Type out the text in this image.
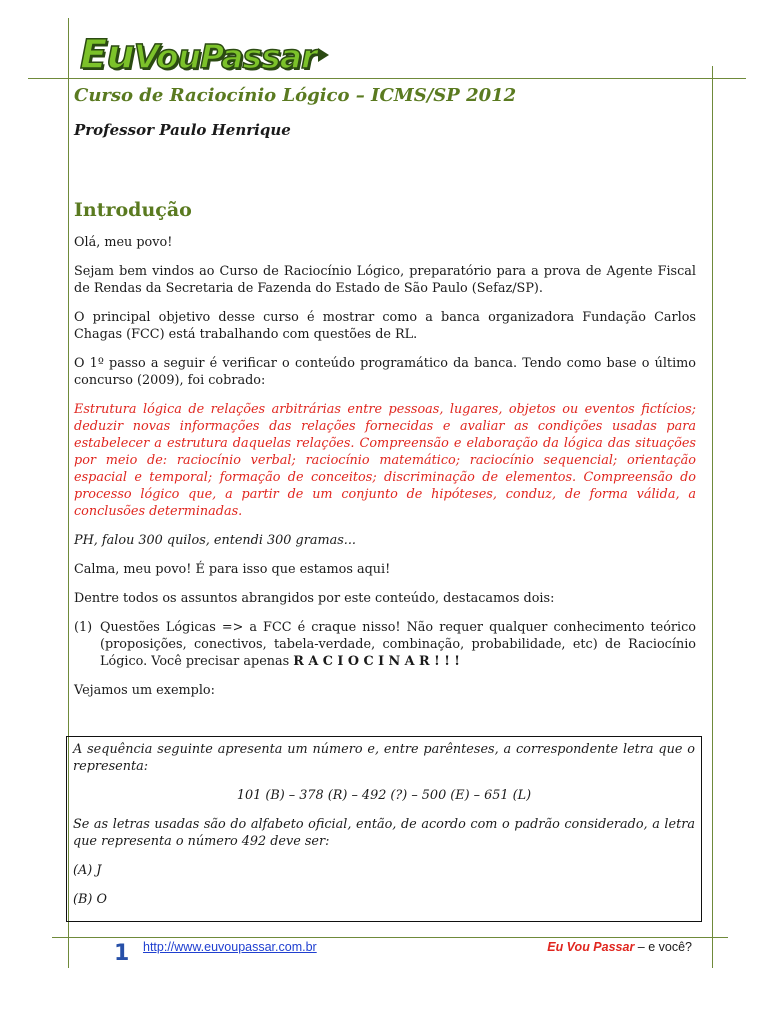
EuVouPassar
Curso de Raciocínio Lógico – ICMS/SP 2012
Professor Paulo Henrique
Introdução

Olá, meu povo!

Sejam bem vindos ao Curso de Raciocínio Lógico, preparatório para a prova de Agente Fiscal de Rendas da Secretaria de Fazenda do Estado de São Paulo (Sefaz/SP).

O principal objetivo desse curso é mostrar como a banca organizadora Fundação Carlos Chagas (FCC) está trabalhando com questões de RL.

O 1º passo a seguir é verificar o conteúdo programático da banca. Tendo como base o último concurso (2009), foi cobrado:

Estrutura lógica de relações arbitrárias entre pessoas, lugares, objetos ou eventos fictícios; deduzir novas informações das relações fornecidas e avaliar as condições usadas para estabelecer a estrutura daquelas relações. Compreensão e elaboração da lógica das situações por meio de: raciocínio verbal; raciocínio matemático; raciocínio sequencial; orientação espacial e temporal; formação de conceitos; discriminação de elementos. Compreensão do processo lógico que, a partir de um conjunto de hipóteses, conduz, de forma válida, a conclusões determinadas.

PH, falou 300 quilos, entendi 300 gramas...

Calma, meu povo! É para isso que estamos aqui!

Dentre todos os assuntos abrangidos por este conteúdo, destacamos dois:

(1) Questões Lógicas => a FCC é craque nisso! Não requer qualquer conhecimento teórico (proposições, conectivos, tabela-verdade, combinação, probabilidade, etc) de Raciocínio Lógico. Você precisar apenas R A C I O C I N A R ! ! !

Vejamos um exemplo:

A sequência seguinte apresenta um número e, entre parênteses, a correspondente letra que o representa:

101 (B) – 378 (R) – 492 (?) – 500 (E) – 651 (L)

Se as letras usadas são do alfabeto oficial, então, de acordo com o padrão considerado, a letra que representa o número 492 deve ser:

(A) J

(B) O

1 http://www.euvoupassar.com.br	Eu Vou Passar – e você?
